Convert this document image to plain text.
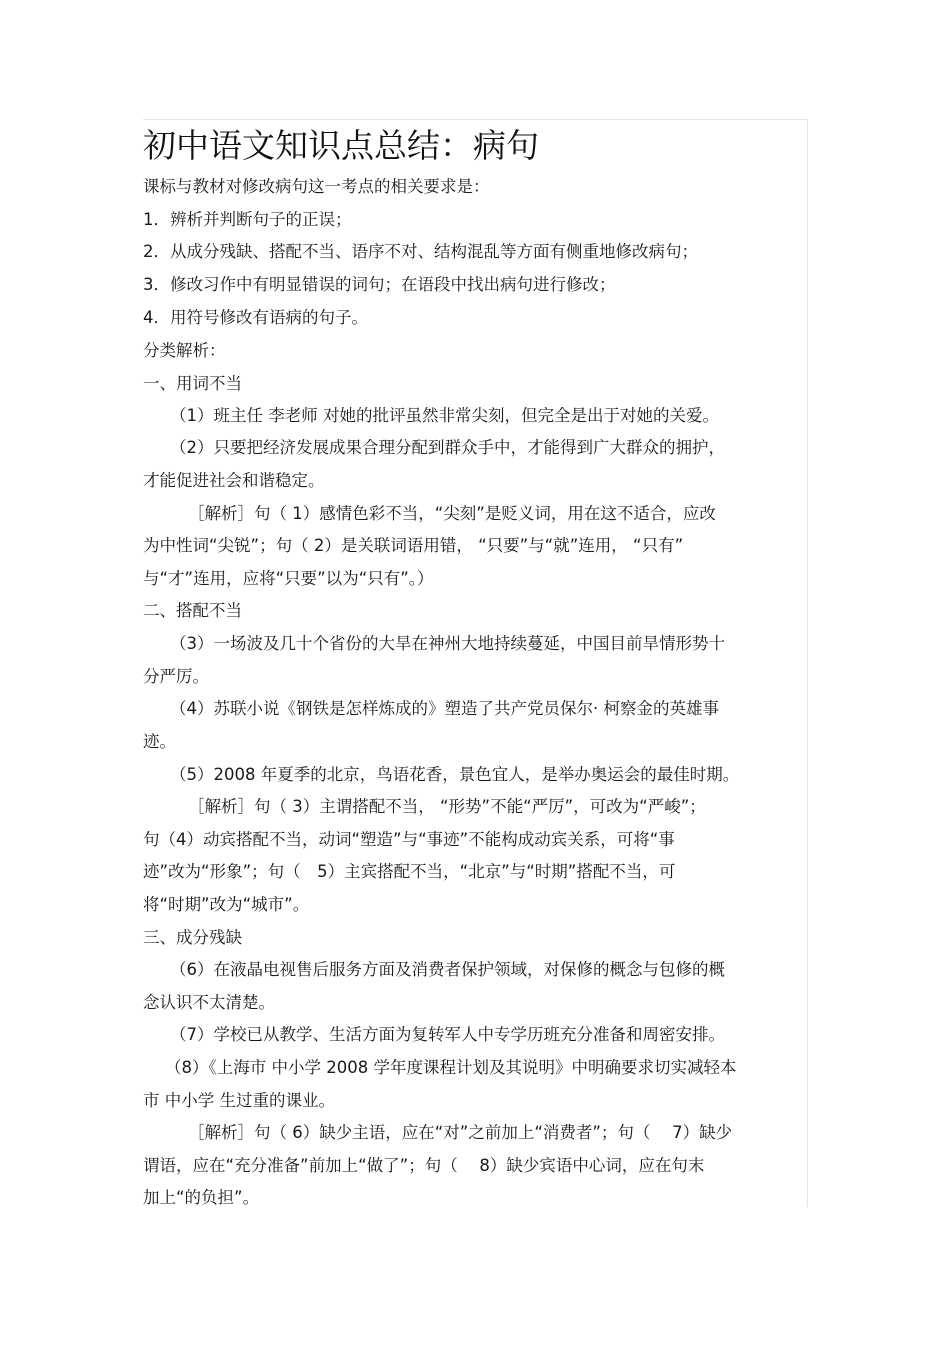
初中语文知识点总结：病句
课标与教材对修改病句这一考点的相关要求是：
1．辨析并判断句子的正误；
2．从成分残缺、搭配不当、语序不对、结构混乱等方面有侧重地修改病句；
3．修改习作中有明显错误的词句；在语段中找出病句进行修改；
4．用符号修改有语病的句子。
分类解析：
一、用词不当
（1）班主任 李老师 对她的批评虽然非常尖刻，但完全是出于对她的关爱。
（2）只要把经济发展成果合理分配到群众手中，才能得到广大群众的拥护，
才能促进社会和谐稳定。
［解析］句（ 1）感情色彩不当，“尖刻”是贬义词，用在这不适合，应改
为中性词“尖锐”；句（ 2）是关联词语用错， “只要”与“就”连用， “只有”
与“才”连用，应将“只要”以为“只有”。）
二、搭配不当
（3）一场波及几十个省份的大旱在神州大地持续蔓延，中国目前旱情形势十
分严厉。
（4）苏联小说《钢铁是怎样炼成的》塑造了共产党员保尔· 柯察金的英雄事
迹。
（5）2008 年夏季的北京，鸟语花香，景色宜人，是举办奥运会的最佳时期。
［解析］句（ 3）主谓搭配不当， “形势”不能“严厉”，可改为“严峻”；
句（4）动宾搭配不当，动词“塑造”与“事迹”不能构成动宾关系，可将“事
迹”改为“形象”；句（　5）主宾搭配不当，“北京”与“时期”搭配不当，可
将“时期”改为“城市”。
三、成分残缺
（6）在液晶电视售后服务方面及消费者保护领域，对保修的概念与包修的概
念认识不太清楚。
（7）学校已从教学、生活方面为复转军人中专学历班充分准备和周密安排。
（8）《上海市 中小学 2008 学年度课程计划及其说明》中明确要求切实减轻本
市 中小学 生过重的课业。
［解析］句（ 6）缺少主语，应在“对”之前加上“消费者”；句（　 7）缺少
谓语，应在“充分准备”前加上“做了”；句（　 8）缺少宾语中心词，应在句末
加上“的负担”。
